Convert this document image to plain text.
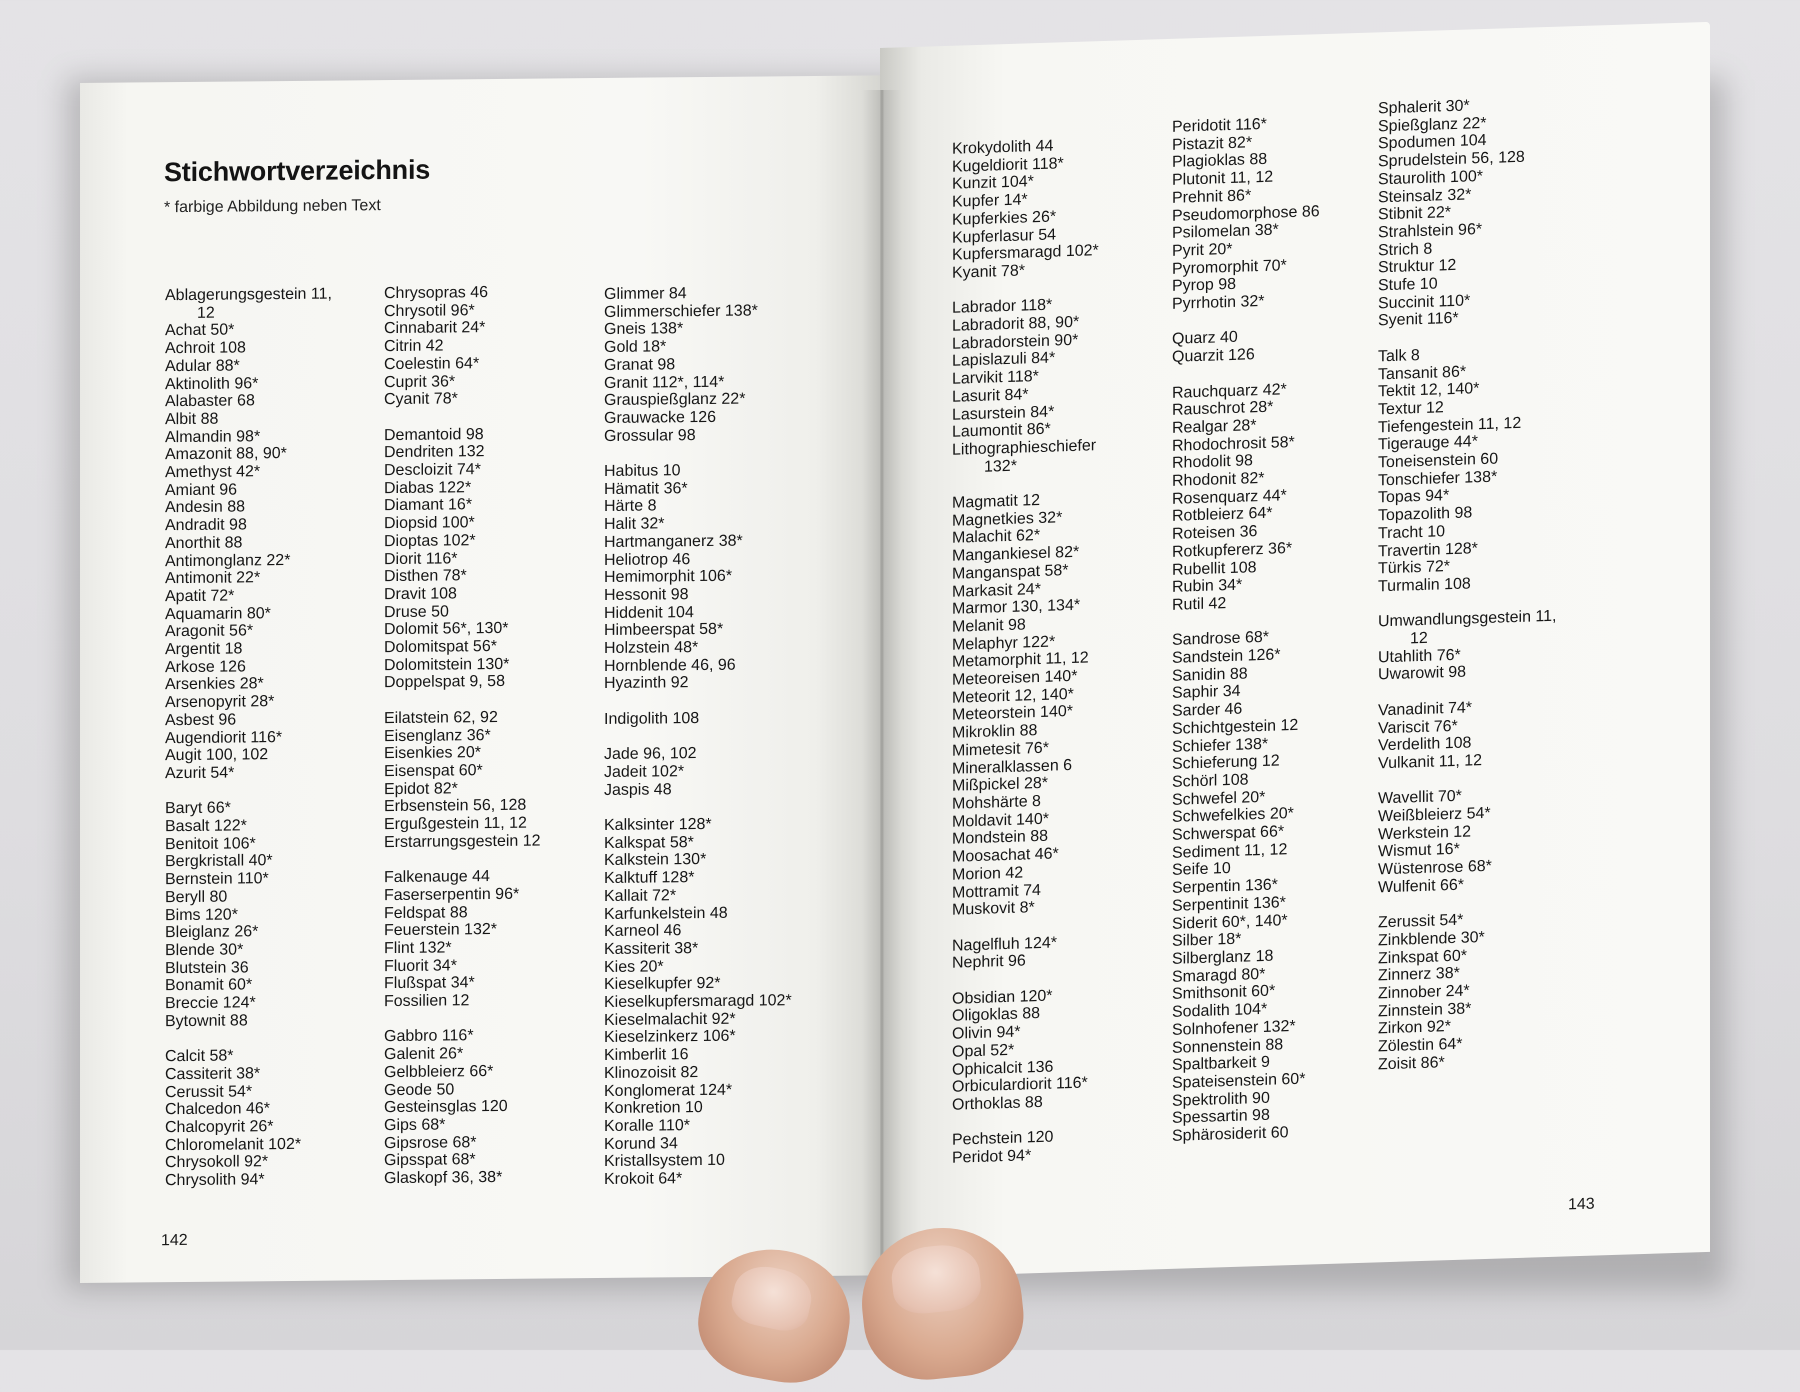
Stichwortverzeichnis
* farbige Abbildung neben Text
Ablagerungsgestein 11,
12
Achat 50*
Achroit 108
Adular 88*
Aktinolith 96*
Alabaster 68
Albit 88
Almandin 98*
Amazonit 88, 90*
Amethyst 42*
Amiant 96
Andesin 88
Andradit 98
Anorthit 88
Antimonglanz 22*
Antimonit 22*
Apatit 72*
Aquamarin 80*
Aragonit 56*
Argentit 18
Arkose 126
Arsenkies 28*
Arsenopyrit 28*
Asbest 96
Augendiorit 116*
Augit 100, 102
Azurit 54*
Baryt 66*
Basalt 122*
Benitoit 106*
Bergkristall 40*
Bernstein 110*
Beryll 80
Bims 120*
Bleiglanz 26*
Blende 30*
Blutstein 36
Bonamit 60*
Breccie 124*
Bytownit 88
Calcit 58*
Cassiterit 38*
Cerussit 54*
Chalcedon 46*
Chalcopyrit 26*
Chloromelanit 102*
Chrysokoll 92*
Chrysolith 94*
Chrysopras 46
Chrysotil 96*
Cinnabarit 24*
Citrin 42
Coelestin 64*
Cuprit 36*
Cyanit 78*
Demantoid 98
Dendriten 132
Descloizit 74*
Diabas 122*
Diamant 16*
Diopsid 100*
Dioptas 102*
Diorit 116*
Disthen 78*
Dravit 108
Druse 50
Dolomit 56*, 130*
Dolomitspat 56*
Dolomitstein 130*
Doppelspat 9, 58
Eilatstein 62, 92
Eisenglanz 36*
Eisenkies 20*
Eisenspat 60*
Epidot 82*
Erbsenstein 56, 128
Ergußgestein 11, 12
Erstarrungsgestein 12
Falkenauge 44
Faserserpentin 96*
Feldspat 88
Feuerstein 132*
Flint 132*
Fluorit 34*
Flußspat 34*
Fossilien 12
Gabbro 116*
Galenit 26*
Gelbbleierz 66*
Geode 50
Gesteinsglas 120
Gips 68*
Gipsrose 68*
Gipsspat 68*
Glaskopf 36, 38*
Glimmer 84
Glimmerschiefer 138*
Gneis 138*
Gold 18*
Granat 98
Granit 112*, 114*
Grauspießglanz 22*
Grauwacke 126
Grossular 98
Habitus 10
Hämatit 36*
Härte 8
Halit 32*
Hartmanganerz 38*
Heliotrop 46
Hemimorphit 106*
Hessonit 98
Hiddenit 104
Himbeerspat 58*
Holzstein 48*
Hornblende 46, 96
Hyazinth 92
Indigolith 108
Jade 96, 102
Jadeit 102*
Jaspis 48
Kalksinter 128*
Kalkspat 58*
Kalkstein 130*
Kalktuff 128*
Kallait 72*
Karfunkelstein 48
Karneol 46
Kassiterit 38*
Kies 20*
Kieselkupfer 92*
Kieselkupfersmaragd 102*
Kieselmalachit 92*
Kieselzinkerz 106*
Kimberlit 16
Klinozoisit 82
Konglomerat 124*
Konkretion 10
Koralle 110*
Korund 34
Kristallsystem 10
Krokoit 64*
142
Krokydolith 44
Kugeldiorit 118*
Kunzit 104*
Kupfer 14*
Kupferkies 26*
Kupferlasur 54
Kupfersmaragd 102*
Kyanit 78*
Labrador 118*
Labradorit 88, 90*
Labradorstein 90*
Lapislazuli 84*
Larvikit 118*
Lasurit 84*
Lasurstein 84*
Laumontit 86*
Lithographieschiefer
132*
Magmatit 12
Magnetkies 32*
Malachit 62*
Mangankiesel 82*
Manganspat 58*
Markasit 24*
Marmor 130, 134*
Melanit 98
Melaphyr 122*
Metamorphit 11, 12
Meteoreisen 140*
Meteorit 12, 140*
Meteorstein 140*
Mikroklin 88
Mimetesit 76*
Mineralklassen 6
Mißpickel 28*
Mohshärte 8
Moldavit 140*
Mondstein 88
Moosachat 46*
Morion 42
Mottramit 74
Muskovit 8*
Nagelfluh 124*
Nephrit 96
Obsidian 120*
Oligoklas 88
Olivin 94*
Opal 52*
Ophicalcit 136
Orbiculardiorit 116*
Orthoklas 88
Pechstein 120
Peridot 94*
Peridotit 116*
Pistazit 82*
Plagioklas 88
Plutonit 11, 12
Prehnit 86*
Pseudomorphose 86
Psilomelan 38*
Pyrit 20*
Pyromorphit 70*
Pyrop 98
Pyrrhotin 32*
Quarz 40
Quarzit 126
Rauchquarz 42*
Rauschrot 28*
Realgar 28*
Rhodochrosit 58*
Rhodolit 98
Rhodonit 82*
Rosenquarz 44*
Rotbleierz 64*
Roteisen 36
Rotkupfererz 36*
Rubellit 108
Rubin 34*
Rutil 42
Sandrose 68*
Sandstein 126*
Sanidin 88
Saphir 34
Sarder 46
Schichtgestein 12
Schiefer 138*
Schieferung 12
Schörl 108
Schwefel 20*
Schwefelkies 20*
Schwerspat 66*
Sediment 11, 12
Seife 10
Serpentin 136*
Serpentinit 136*
Siderit 60*, 140*
Silber 18*
Silberglanz 18
Smaragd 80*
Smithsonit 60*
Sodalith 104*
Solnhofener 132*
Sonnenstein 88
Spaltbarkeit 9
Spateisenstein 60*
Spektrolith 90
Spessartin 98
Sphärosiderit 60
Sphalerit 30*
Spießglanz 22*
Spodumen 104
Sprudelstein 56, 128
Staurolith 100*
Steinsalz 32*
Stibnit 22*
Strahlstein 96*
Strich 8
Struktur 12
Stufe 10
Succinit 110*
Syenit 116*
Talk 8
Tansanit 86*
Tektit 12, 140*
Textur 12
Tiefengestein 11, 12
Tigerauge 44*
Toneisenstein 60
Tonschiefer 138*
Topas 94*
Topazolith 98
Tracht 10
Travertin 128*
Türkis 72*
Turmalin 108
Umwandlungsgestein 11,
12
Utahlith 76*
Uwarowit 98
Vanadinit 74*
Variscit 76*
Verdelith 108
Vulkanit 11, 12
Wavellit 70*
Weißbleierz 54*
Werkstein 12
Wismut 16*
Wüstenrose 68*
Wulfenit 66*
Zerussit 54*
Zinkblende 30*
Zinkspat 60*
Zinnerz 38*
Zinnober 24*
Zinnstein 38*
Zirkon 92*
Zölestin 64*
Zoisit 86*
143
